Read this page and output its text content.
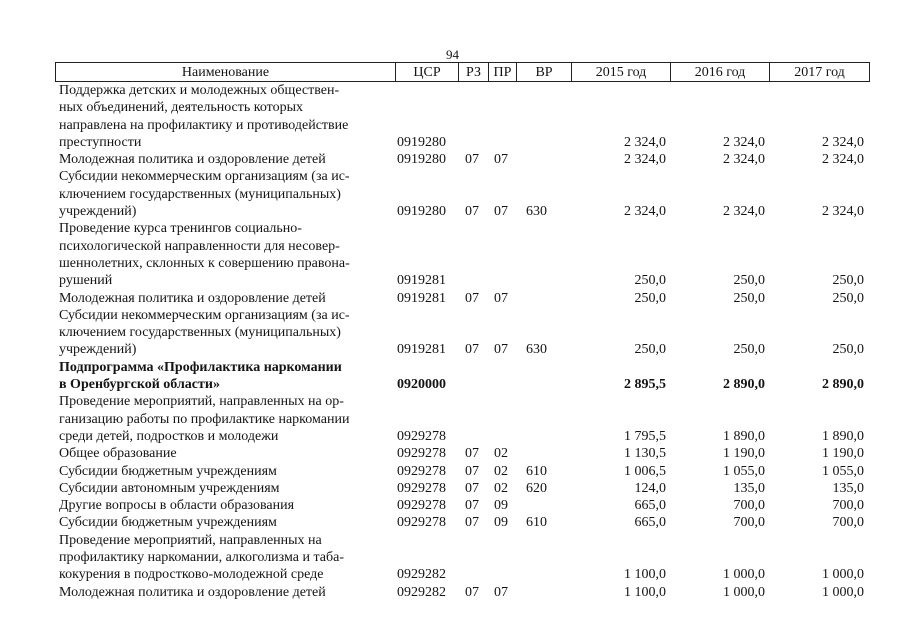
94
Наименование	ЦСР	РЗ ПР	ВР	2015 год	2016 год	2017 год
Поддержка детских и молодежных обществен-
ных объединений, деятельность которых
направлена на профилактику и противодействие
преступности	0919280	2 324,0	2 324,0	2 324,0
Молодежная политика и оздоровление детей	0919280	07	07	2 324,0	2 324,0	2 324,0
Субсидии некоммерческим организациям (за ис-
ключением государственных (муниципальных)
учреждений)	0919280	07	07	630	2 324,0	2 324,0	2 324,0
Проведение курса тренингов социально-
психологической направленности для несовер-
шеннолетних, склонных к совершению правона-
рушений	0919281	250,0	250,0	250,0
Молодежная политика и оздоровление детей	0919281	07	07	250,0	250,0	250,0
Субсидии некоммерческим организациям (за ис-
ключением государственных (муниципальных)
учреждений)	0919281	07	07	630	250,0	250,0	250,0
Подпрограмма «Профилактика наркомании
в Оренбургской области»	0920000	2 895,5	2 890,0	2 890,0
Проведение мероприятий, направленных на ор-
ганизацию работы по профилактике наркомании
среди детей, подростков и молодежи	0929278	1 795,5	1 890,0	1 890,0
Общее образование	0929278	07	02	1 130,5	1 190,0	1 190,0
Субсидии бюджетным учреждениям	0929278	07	02	610	1 006,5	1 055,0	1 055,0
Субсидии автономным учреждениям	0929278	07	02	620	124,0	135,0	135,0
Другие вопросы в области образования	0929278	07	09	665,0	700,0	700,0
Субсидии бюджетным учреждениям	0929278	07	09	610	665,0	700,0	700,0
Проведение мероприятий, направленных на
профилактику наркомании, алкоголизма и таба-
кокурения в подростково-молодежной среде	0929282	1 100,0	1 000,0	1 000,0
Молодежная политика и оздоровление детей	0929282	07	07	1 100,0	1 000,0	1 000,0
